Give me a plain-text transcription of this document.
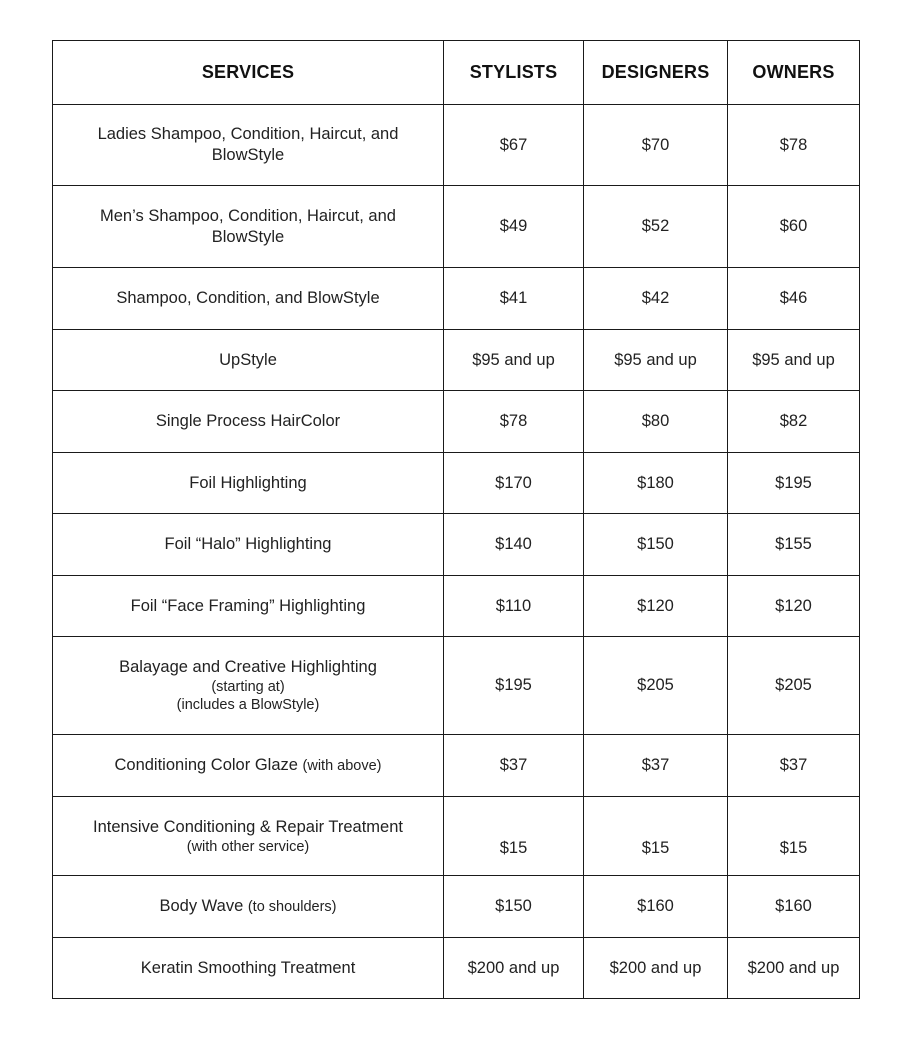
SERVICES	STYLISTS	DESIGNERS	OWNERS
Ladies Shampoo, Condition, Haircut, and BlowStyle	$67	$70	$78
Men’s Shampoo, Condition, Haircut, and BlowStyle	$49	$52	$60
Shampoo, Condition, and BlowStyle	$41	$42	$46
UpStyle	$95 and up	$95 and up	$95 and up
Single Process HairColor	$78	$80	$82
Foil Highlighting	$170	$180	$195
Foil “Halo” Highlighting	$140	$150	$155
Foil “Face Framing” Highlighting	$110	$120	$120

Balayage and Creative Highlighting
(starting at)
(includes a BlowStyle)	$195	$205	$205
Conditioning Color Glaze (with above)	$37	$37	$37

Intensive Conditioning & Repair Treatment
(with other service)	$15	$15	$15
Body Wave (to shoulders)	$150	$160	$160
Keratin Smoothing Treatment	$200 and up	$200 and up	$200 and up
